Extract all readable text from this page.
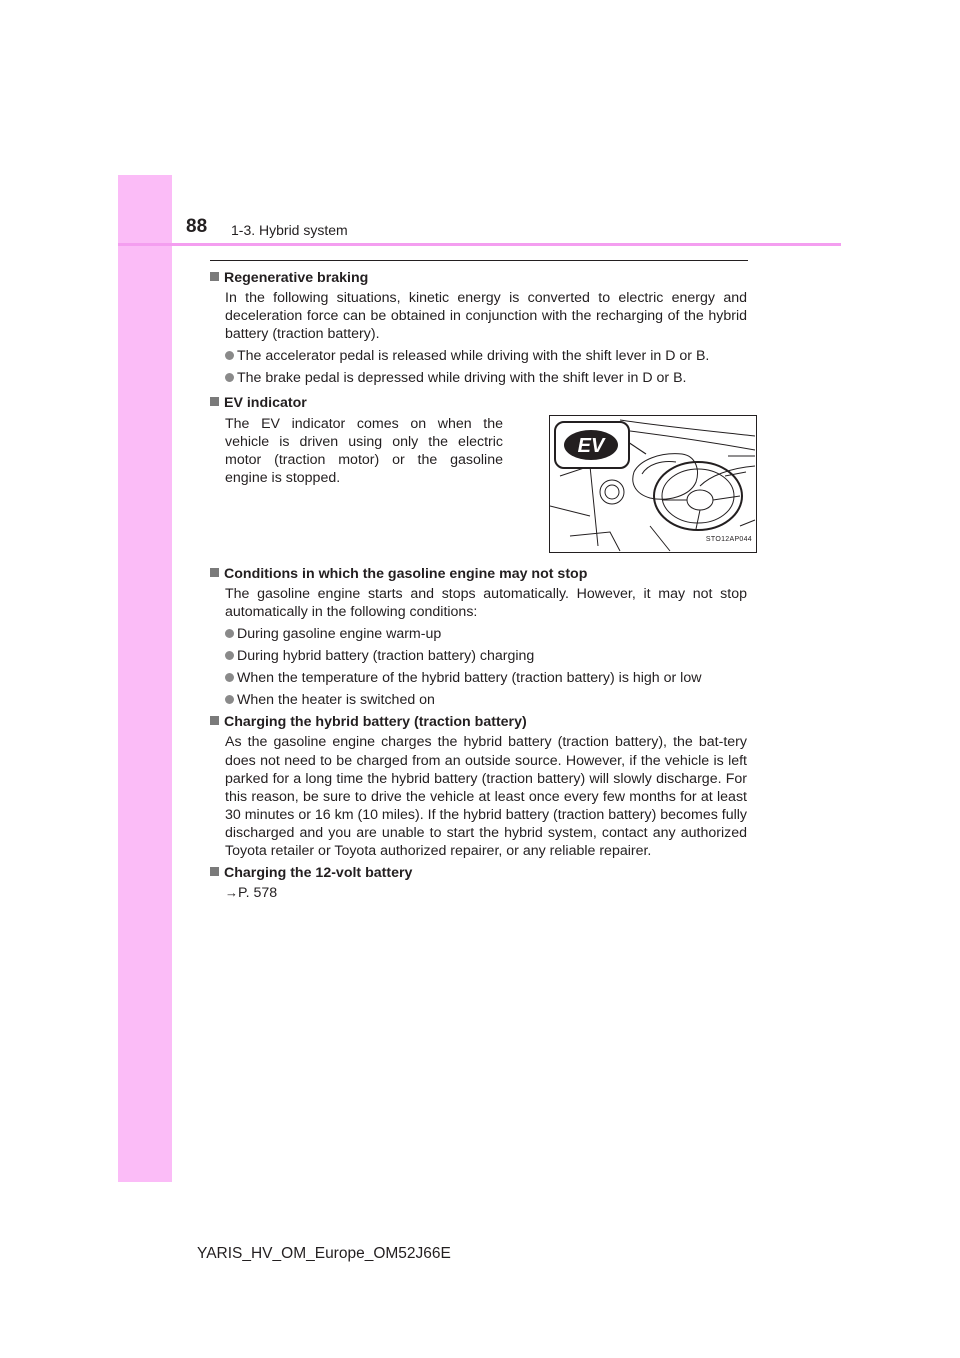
88 1-3. Hybrid system
Regenerative braking
In the following situations, kinetic energy is converted to electric energy and deceleration force can be obtained in conjunction with the recharging of the hybrid battery (traction battery).
The accelerator pedal is released while driving with the shift lever in D or B.
The brake pedal is depressed while driving with the shift lever in D or B.
EV indicator
The EV indicator comes on when the vehicle is driven using only the electric motor (traction motor) or the gasoline engine is stopped.
EV
STO12AP044
Conditions in which the gasoline engine may not stop
The gasoline engine starts and stops automatically. However, it may not stop automatically in the following conditions:
During gasoline engine warm-up
During hybrid battery (traction battery) charging
When the temperature of the hybrid battery (traction battery) is high or low
When the heater is switched on
Charging the hybrid battery (traction battery)
As the gasoline engine charges the hybrid battery (traction battery), the bat-tery does not need to be charged from an outside source. However, if the vehicle is left parked for a long time the hybrid battery (traction battery) will slowly discharge. For this reason, be sure to drive the vehicle at least once every few months for at least 30 minutes or 16 km (10 miles). If the hybrid battery (traction battery) becomes fully discharged and you are unable to start the hybrid system, contact any authorized Toyota retailer or Toyota authorized repairer, or any reliable repairer.
Charging the 12-volt battery
→P. 578
YARIS_HV_OM_Europe_OM52J66E
